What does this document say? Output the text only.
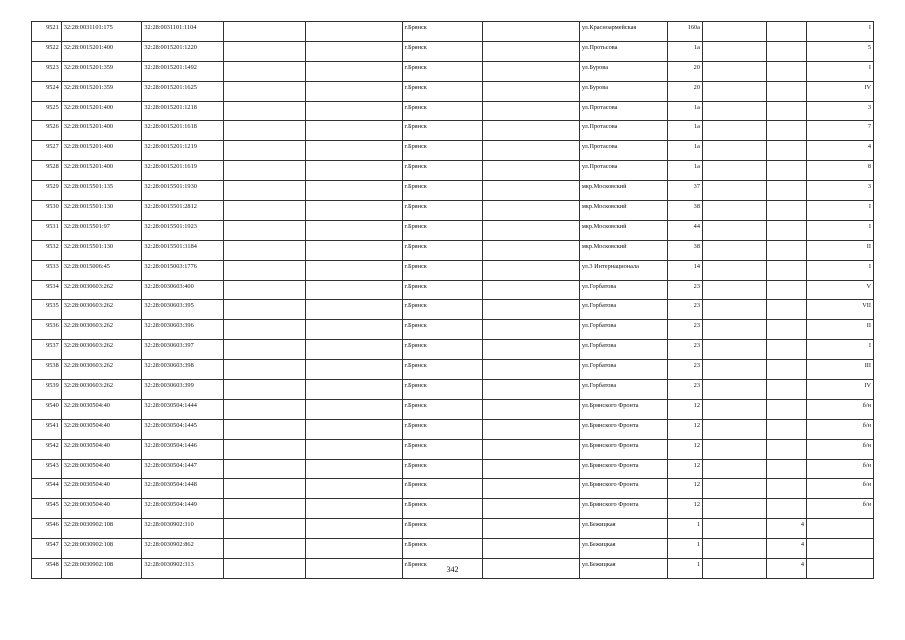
9521	32:28:0031101:175	32:28:0031101:1104			г.Брянск		ул.Красноармейская	160а			I
9522	32:28:0015201:400	32:28:0015201:1220			г.Брянск		ул.Протьсова	1а			5
9523	32:28:0015201:359	32:28:0015201:1492			г.Брянск		ул.Бурова	20			I
9524	32:28:0015201:359	32:28:0015201:1625			г.Брянск		ул.Бурова	20			IV
9525	32:28:0015201:400	32:28:0015201:1218			г.Брянск		ул.Протасова	1а			3
9526	32:28:0015201:400	32:28:0015201:1618			г.Брянск		ул.Протасова	1а			7
9527	32:28:0015201:400	32:28:0015201:1219			г.Брянск		ул.Протасова	1а			4
9528	32:28:0015201:400	32:28:0015201:1619			г.Брянск		ул.Протасова	1а			8
9529	32:28:0015501:135	32:28:0015501:1930			г.Брянск		мкр.Московский	37			3
9530	32:28:0015501:130	32:28:0015501:2812			г.Брянск		мкр.Московский	38			I
9531	32:28:0015501:97	32:28:0015501:1923			г.Брянск		мкр.Московский	44			I
9532	32:28:0015501:130	32:28:0015501:3184			г.Брянск		мкр.Московский	38			II
9533	32:28:0015006:45	32:28:0015003:1776			г.Брянск		ул.3 Интернационала	14			I
9534	32:28:0030603:262	32:28:0030603:400			г.Брянск		ул.Горбатова	23			V
9535	32:28:0030603:262	32:28:0030603:395			г.Брянск		ул.Горбатова	23			VII
9536	32:28:0030603:262	32:28:0030603:396			г.Брянск		ул.Горбатова	23			II
9537	32:28:0030603:262	32:28:0030603:397			г.Брянск		ул.Горбатова	23			I
9538	32:28:0030603:262	32:28:0030603:398			г.Брянск		ул.Горбатова	23			III
9539	32:28:0030603:262	32:28:0030603:399			г.Брянск		ул.Горбатова	23			IV
9540	32:28:0030504:40	32:28:0030504:1444			г.Брянск		ул.Брянского Фронта	12			б/н
9541	32:28:0030504:40	32:28:0030504:1445			г.Брянск		ул.Брянского Фронта	12			б/н
9542	32:28:0030504:40	32:28:0030504:1446			г.Брянск		ул.Брянского Фронта	12			б/н
9543	32:28:0030504:40	32:28:0030504:1447			г.Брянск		ул.Брянского Фронта	12			б/н
9544	32:28:0030504:40	32:28:0030504:1448			г.Брянск		ул.Брянского Фронта	12			б/н
9545	32:28:0030504:40	32:28:0030504:1449			г.Брянск		ул.Брянского Фронта	12			б/н
9546	32:28:0030902:108	32:28:0030902:310			г.Брянск		ул.Бежицкая	1		4	
9547	32:28:0030902:108	32:28:0030902:862			г.Брянск		ул.Бежицкая	1		4	
9548	32:28:0030902:108	32:28:0030902:313			г.Брянск		ул.Бежицкая	1		4	
342
